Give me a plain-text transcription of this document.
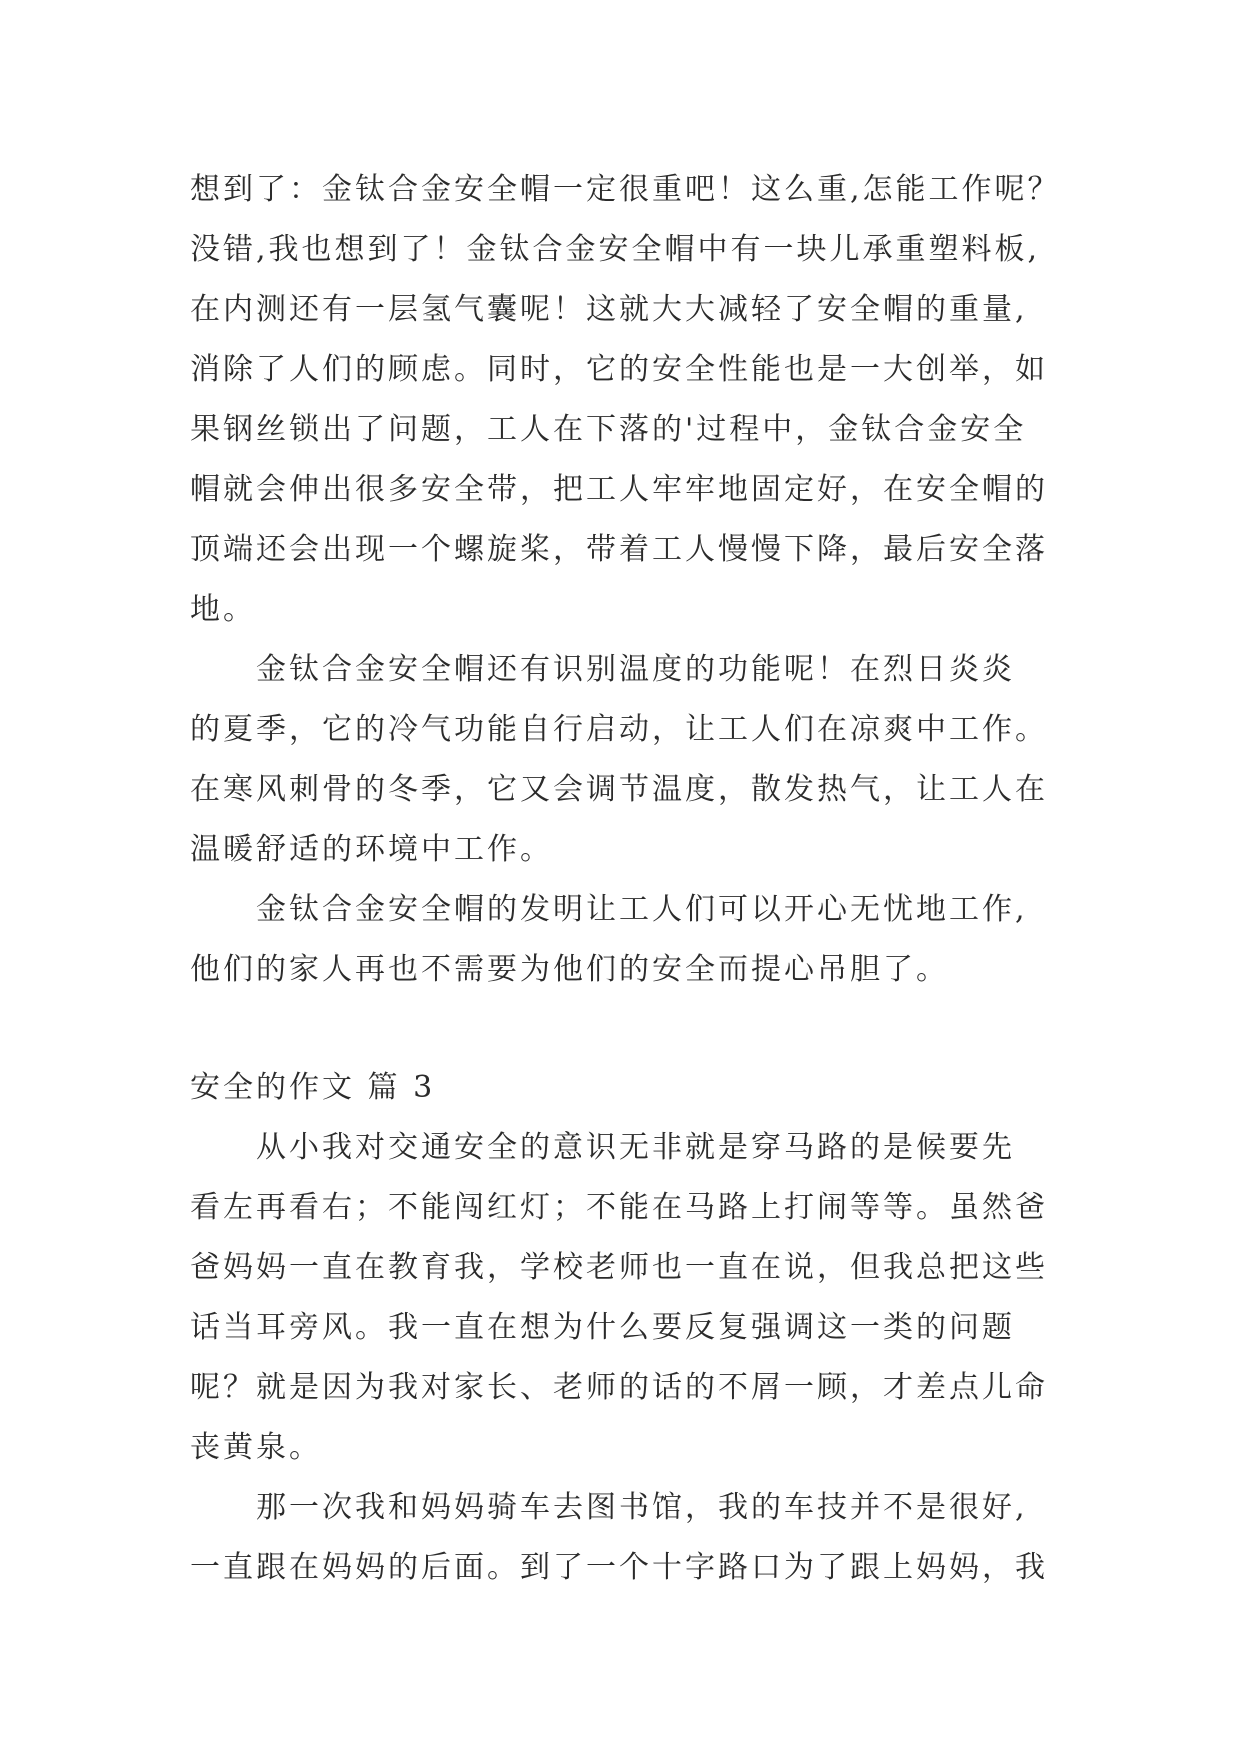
想到了：金钛合金安全帽一定很重吧！这么重,怎能工作呢？
没错,我也想到了！金钛合金安全帽中有一块儿承重塑料板,
在内测还有一层氢气囊呢！这就大大减轻了安全帽的重量,
消除了人们的顾虑。同时，它的安全性能也是一大创举，如
果钢丝锁出了问题，工人在下落的'过程中，金钛合金安全
帽就会伸出很多安全带，把工人牢牢地固定好，在安全帽的
顶端还会出现一个螺旋桨，带着工人慢慢下降，最后安全落
地。

金钛合金安全帽还有识别温度的功能呢！在烈日炎炎
的夏季，它的冷气功能自行启动，让工人们在凉爽中工作。
在寒风刺骨的冬季，它又会调节温度，散发热气，让工人在
温暖舒适的环境中工作。

金钛合金安全帽的发明让工人们可以开心无忧地工作,
他们的家人再也不需要为他们的安全而提心吊胆了。

安全的作文 篇 3

从小我对交通安全的意识无非就是穿马路的是候要先
看左再看右；不能闯红灯；不能在马路上打闹等等。虽然爸
爸妈妈一直在教育我，学校老师也一直在说，但我总把这些
话当耳旁风。我一直在想为什么要反复强调这一类的问题
呢？就是因为我对家长、老师的话的不屑一顾，才差点儿命
丧黄泉。

那一次我和妈妈骑车去图书馆，我的车技并不是很好,
一直跟在妈妈的后面。到了一个十字路口为了跟上妈妈，我
